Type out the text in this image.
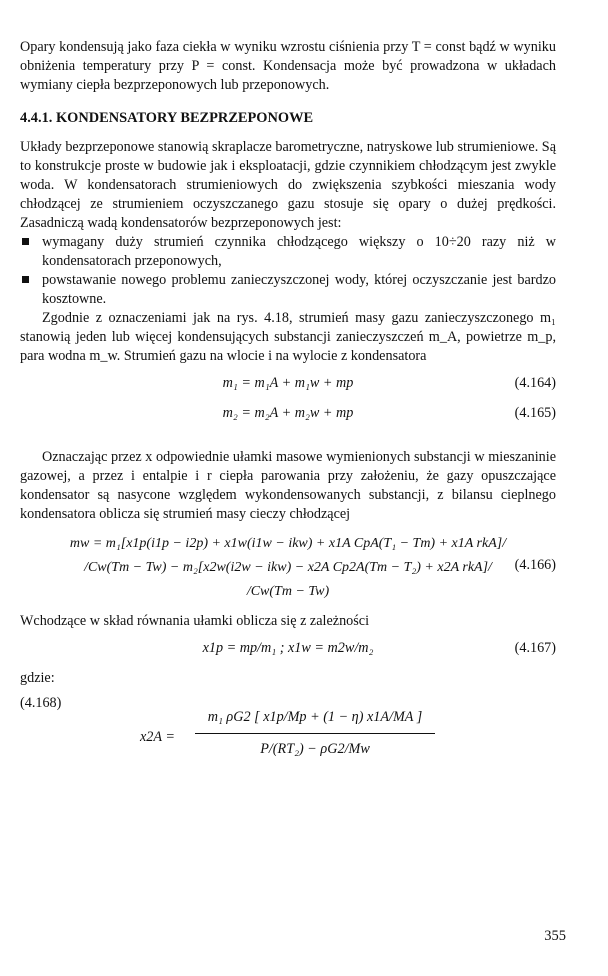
Opary kondensują jako faza ciekła w wyniku wzrostu ciśnienia przy T = const bądź w wyniku obniżenia temperatury przy P = const. Kondensacja może być prowadzona w układach wymiany ciepła bezprzeponowych lub przeponowych.

4.4.1. KONDENSATORY BEZPRZEPONOWE

Układy bezprzeponowe stanowią skraplacze barometryczne, natryskowe lub strumieniowe. Są to konstrukcje proste w budowie jak i eksploatacji, gdzie czynnikiem chłodzącym jest zwykle woda. W kondensatorach strumieniowych do zwiększenia szybkości mieszania wody chłodzącej ze strumieniem oczyszczanego gazu stosuje się opary o dużej prędkości. Zasadniczą wadą kondensatorów bezprzeponowych jest:

wymagany duży strumień czynnika chłodzącego większy o 10÷20 razy niż w kondensatorach przeponowych,
powstawanie nowego problemu zanieczyszczonej wody, której oczyszczanie jest bardzo kosztowne.

Zgodnie z oznaczeniami jak na rys. 4.18, strumień masy gazu zanieczyszczonego m₁ stanowią jeden lub więcej kondensujących substancji zanieczyszczeń m_A, powietrze m_p, para wodna m_w. Strumień gazu na wlocie i na wylocie z kondensatora

m₁ = m₁A + m₁w + mp	(4.164)
m₂ = m₂A + m₂w + mp	(4.165)

Oznaczając przez x odpowiednie ułamki masowe wymienionych substancji w mieszaninie gazowej, a przez i entalpie i r ciepła parowania przy założeniu, że gazy opuszczające kondensator są nasycone względem wykondensowanych substancji, z bilansu cieplnego kondensatora oblicza się strumień masy cieczy chłodzącej

mw = m₁[x1p(i1p − i2p) + x1w(i1w − ikw) + x1A CpA(T₁ − Tm) + x1A rkA]/
/Cw(Tm − Tw) − m₂[x2w(i2w − ikw) − x2A Cp2A(Tm − T₂) + x2A rkA]/
/Cw(Tm − Tw)
(4.166)

Wchodzące w skład równania ułamki oblicza się z zależności

x1p = mp/m₁ ; x1w = m2w/m₂	(4.167)

gdzie:

$x2A = \frac{\text{m₁ ρG2 [ x1p/Mp + (1 − η) x1A/MA ]}}{\text{P/(RT₂) − ρG2/Mw}}$
(4.168)
355
